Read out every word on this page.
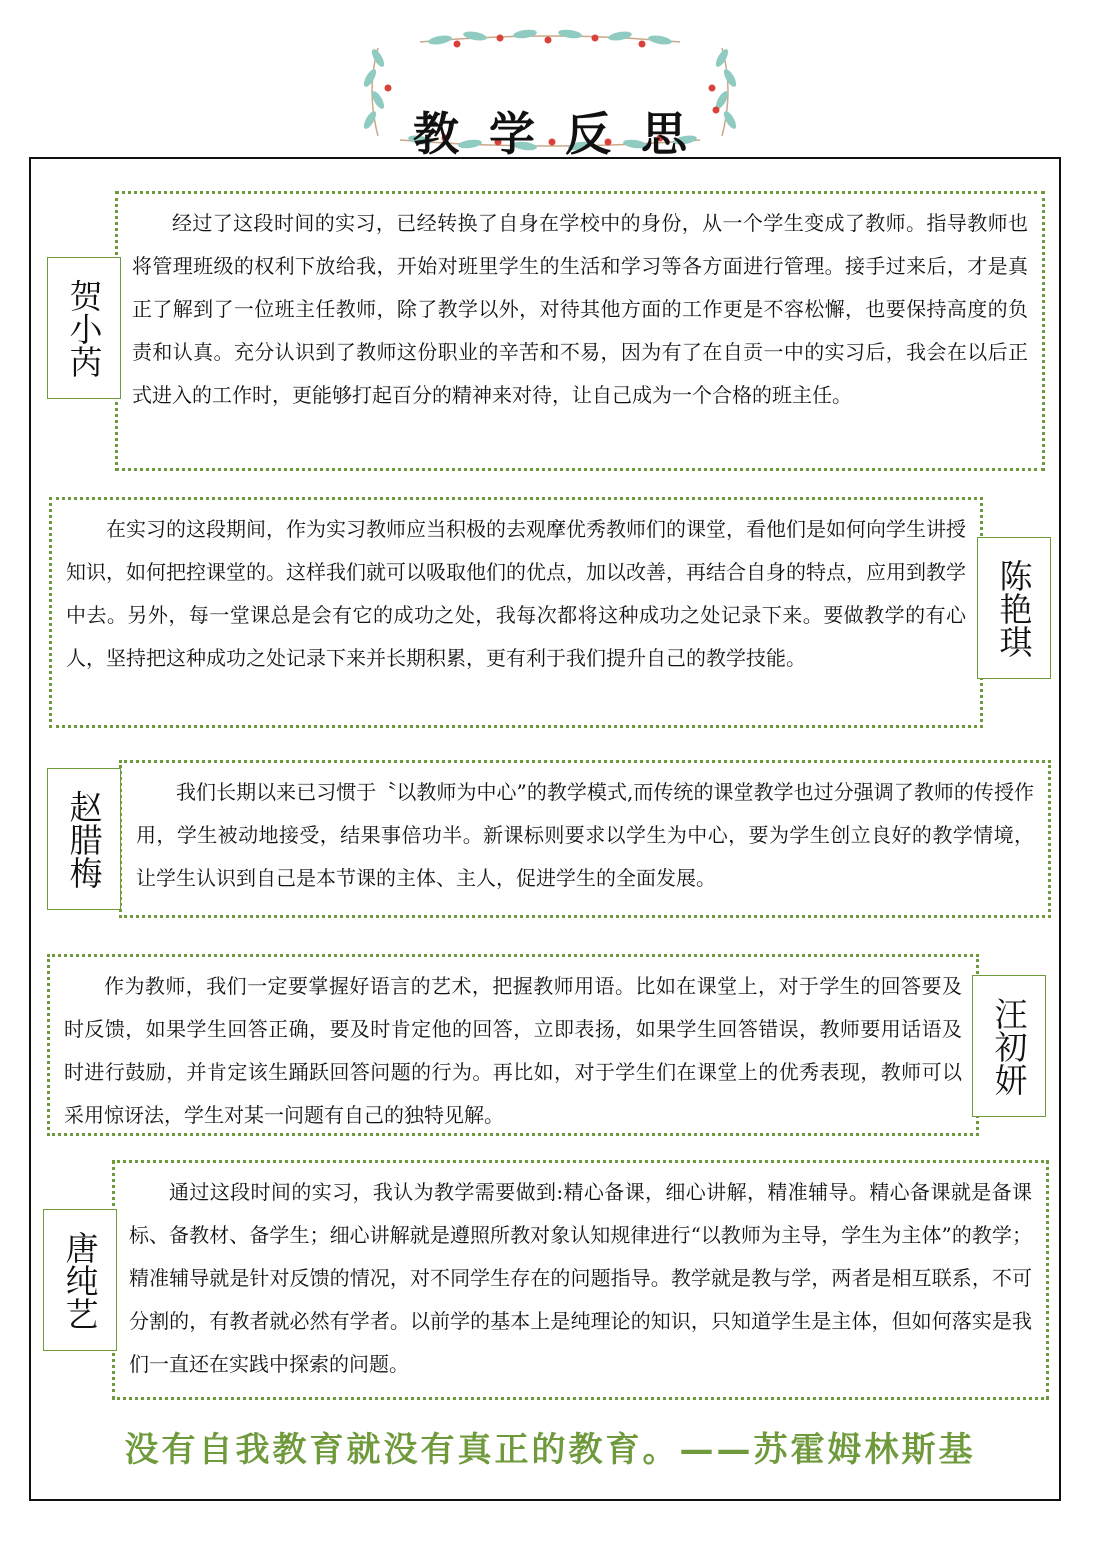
教学反思

经过了这段时间的实习，已经转换了自身在学校中的身份，从一个学生变成了教师。指导教师也将管理班级的权利下放给我，开始对班里学生的生活和学习等各方面进行管理。接手过来后，才是真正了解到了一位班主任教师，除了教学以外，对待其他方面的工作更是不容松懈，也要保持高度的负责和认真。充分认识到了教师这份职业的辛苦和不易，因为有了在自贡一中的实习后，我会在以后正式进入的工作时，更能够打起百分的精神来对待，让自己成为一个合格的班主任。

贺小芮

在实习的这段期间，作为实习教师应当积极的去观摩优秀教师们的课堂，看他们是如何向学生讲授知识，如何把控课堂的。这样我们就可以吸取他们的优点，加以改善，再结合自身的特点，应用到教学中去。另外，每一堂课总是会有它的成功之处，我每次都将这种成功之处记录下来。要做教学的有心人，坚持把这种成功之处记录下来并长期积累，更有利于我们提升自己的教学技能。

陈艳琪

我们长期以来已习惯于〝以教师为中心”的教学模式,而传统的课堂教学也过分强调了教师的传授作用，学生被动地接受，结果事倍功半。新课标则要求以学生为中心，要为学生创立良好的教学情境，让学生认识到自己是本节课的主体、主人，促进学生的全面发展。

赵腊梅

作为教师，我们一定要掌握好语言的艺术，把握教师用语。比如在课堂上，对于学生的回答要及时反馈，如果学生回答正确，要及时肯定他的回答，立即表扬，如果学生回答错误，教师要用话语及时进行鼓励，并肯定该生踊跃回答问题的行为。再比如，对于学生们在课堂上的优秀表现，教师可以采用惊讶法，学生对某一问题有自己的独特见解。

汪初妍

通过这段时间的实习，我认为教学需要做到:精心备课，细心讲解，精准辅导。精心备课就是备课标、备教材、备学生；细心讲解就是遵照所教对象认知规律进行“以教师为主导，学生为主体”的教学；精准辅导就是针对反馈的情况，对不同学生存在的问题指导。教学就是教与学，两者是相互联系，不可分割的，有教者就必然有学者。以前学的基本上是纯理论的知识，只知道学生是主体，但如何落实是我们一直还在实践中探索的问题。

唐纯艺
没有自我教育就没有真正的教育。——苏霍姆林斯基
